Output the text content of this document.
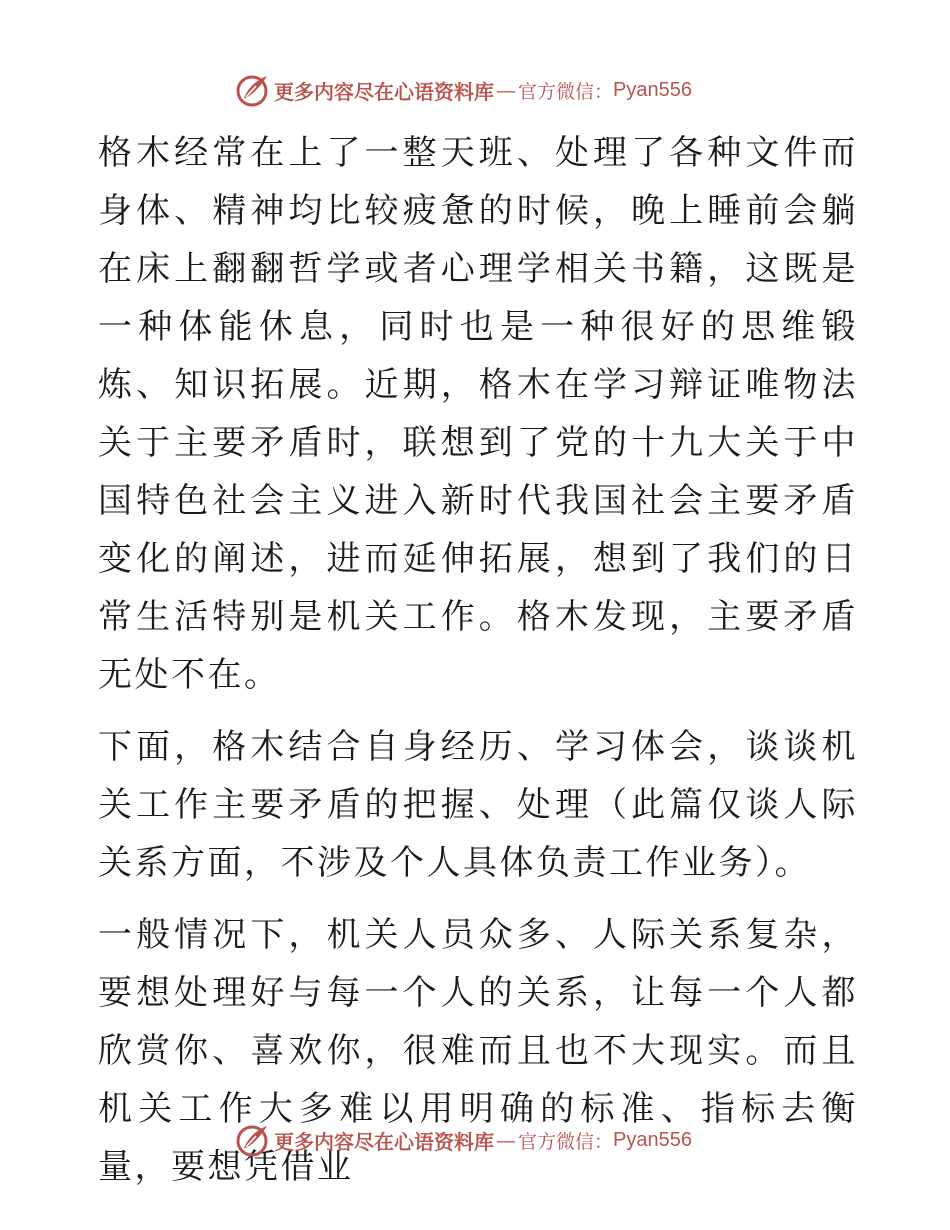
更多内容尽在心语资料库 — 官方微信： Pyan556

格木经常在上了一整天班、处理了各种文件而身体、精神均比较疲惫的时候，晚上睡前会躺在床上翻翻哲学或者心理学相关书籍，这既是一种体能休息，同时也是一种很好的思维锻炼、知识拓展。近期，格木在学习辩证唯物法关于主要矛盾时，联想到了党的十九大关于中国特色社会主义进入新时代我国社会主要矛盾变化的阐述，进而延伸拓展，想到了我们的日常生活特别是机关工作。格木发现，主要矛盾无处不在。

下面，格木结合自身经历、学习体会，谈谈机关工作主要矛盾的把握、处理（此篇仅谈人际关系方面，不涉及个人具体负责工作业务）。

一般情况下，机关人员众多、人际关系复杂，要想处理好与每一个人的关系，让每一个人都欣赏你、喜欢你，很难而且也不大现实。而且机关工作大多难以用明确的标准、指标去衡量，要想凭借业

更多内容尽在心语资料库 — 官方微信： Pyan556
